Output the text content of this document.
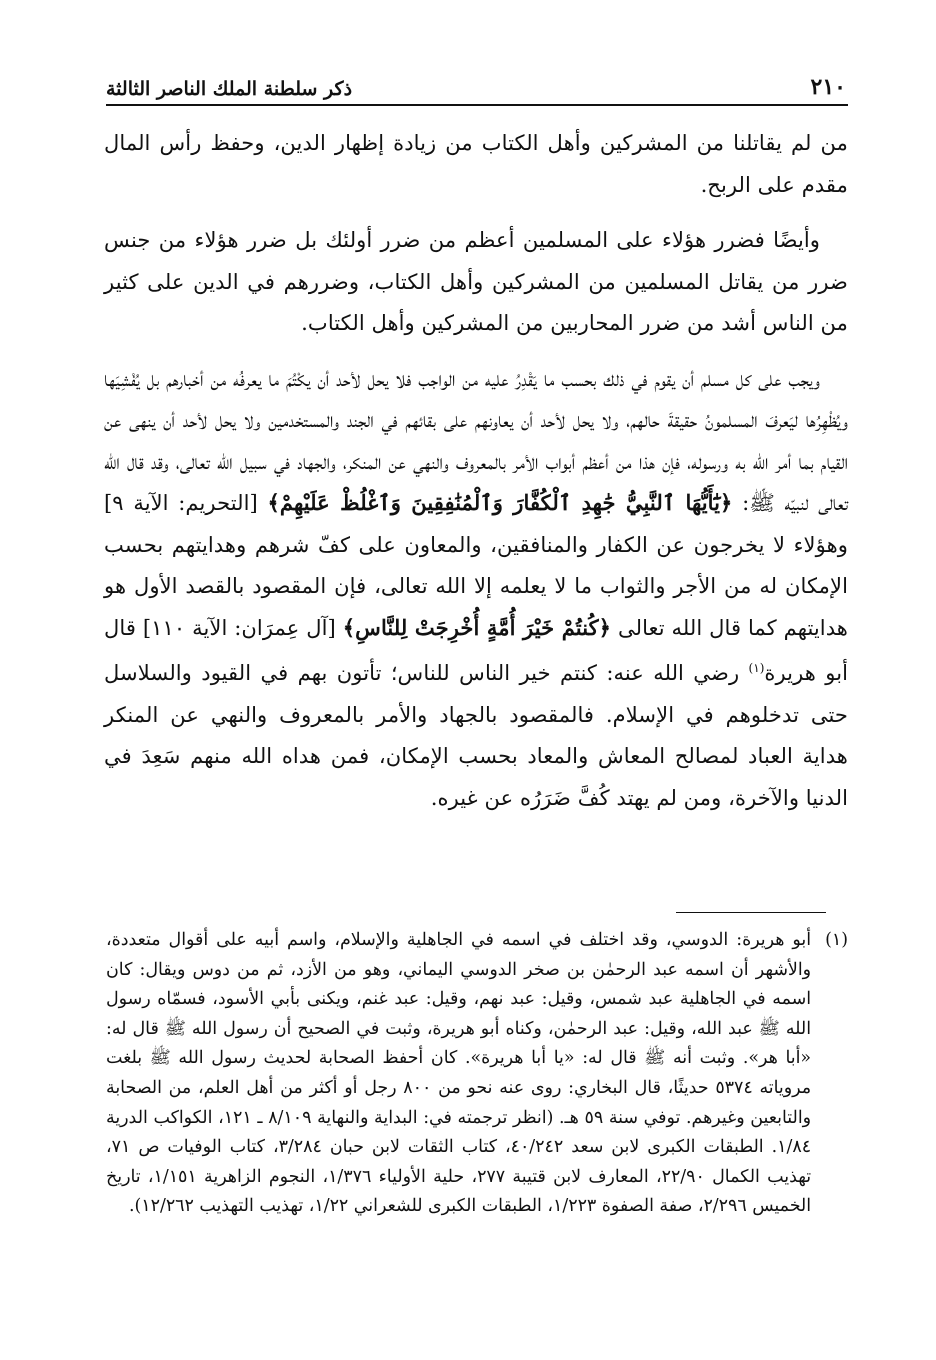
٢١٠
ذكر سلطنة الملك الناصر الثالثة

من لم يقاتلنا من المشركين وأهل الكتاب من زيادة إظهار الدين، وحفظ رأس المال مقدم على الربح.

وأيضًا فضرر هؤلاء على المسلمين أعظم من ضرر أولئك بل ضرر هؤلاء من جنس ضرر من يقاتل المسلمين من المشركين وأهل الكتاب، وضررهم في الدين على كثير من الناس أشد من ضرر المحاربين من المشركين وأهل الكتاب.

ويجب على كل مسلم أن يقوم في ذلك بحسب ما يَقْدِرُ عليه من الواجب فلا يحل لأحد أن يكْتُمَ ما يعرفُه من أخبارهم بل يُفْشِيَها ويُظْهِرُها ليَعرفَ المسلمونُ حقيقةَ حالهم، ولا يحل لأحد أن يعاونهم على بقائهم في الجند والمستخدمين ولا يحل لأحد أن ينهى عن القيام بما أمر الله به ورسوله، فإن هذا من أعظم أبواب الأمر بالمعروف والنهي عن المنكر، والجهاد في سبيل الله تعالى، وقد قال الله تعالى لنبيّه ﷺ: ﴿يَٰٓأَيُّهَا ٱلنَّبِيُّ جَٰهِدِ ٱلْكُفَّارَ وَٱلْمُنَٰفِقِينَ وَٱغْلُظْ عَلَيْهِمْ﴾ [التحريم: الآية ٩] وهؤلاء لا يخرجون عن الكفار والمنافقين، والمعاون على كفّ شرهم وهدايتهم بحسب الإمكان له من الأجر والثواب ما لا يعلمه إلا الله تعالى، فإن المقصود بالقصد الأول هو هدايتهم كما قال الله تعالى ﴿كُنتُمْ خَيْرَ أُمَّةٍ أُخْرِجَتْ لِلنَّاسِ﴾ [آل عِمرَان: الآية ١١٠] قال أبو هريرة$^{(١)}$ رضي الله عنه: كنتم خير الناس للناس؛ تأتون بهم في القيود والسلاسل حتى تدخلوهم في الإسلام. فالمقصود بالجهاد والأمر بالمعروف والنهي عن المنكر هداية العباد لمصالح المعاش والمعاد بحسب الإمكان، فمن هداه الله منهم سَعِدَ في الدنيا والآخرة، ومن لم يهتد كُفَّ ضَرَرُه عن غيره.

(١)
أبو هريرة: الدوسي، وقد اختلف في اسمه في الجاهلية والإسلام، واسم أبيه على أقوال متعددة، والأشهر أن اسمه عبد الرحمٰن بن صخر الدوسي اليماني، وهو من الأزد، ثم من دوس ويقال: كان اسمه في الجاهلية عبد شمس، وقيل: عبد نهم، وقيل: عبد غنم، ويكنى بأبي الأسود، فسمّاه رسول الله ﷺ عبد الله، وقيل: عبد الرحمٰن، وكناه أبو هريرة، وثبت في الصحيح أن رسول الله ﷺ قال له: «أبا هر». وثبت أنه ﷺ قال له: «يا أبا هريرة». كان أحفظ الصحابة لحديث رسول الله ﷺ بلغت مروياته ٥٣٧٤ حديثًا، قال البخاري: روى عنه نحو من ٨٠٠ رجل أو أكثر من أهل العلم، من الصحابة والتابعين وغيرهم. توفي سنة ٥٩ هـ. (انظر ترجمته في: البداية والنهاية ٨/١٠٩ ـ ١٢١، الكواكب الدرية ١/٨٤. الطبقات الكبرى لابن سعد ٤٠/٢٤٢، كتاب الثقات لابن حبان ٣/٢٨٤، كتاب الوفيات ص ٧١، تهذيب الكمال ٢٢/٩٠، المعارف لابن قتيبة ٢٧٧، حلية الأولياء ١/٣٧٦، النجوم الزاهرية ١/١٥١، تاريخ الخميس ٢/٢٩٦، صفة الصفوة ١/٢٢٣، الطبقات الكبرى للشعراني ١/٢٢، تهذيب التهذيب ١٢/٢٦٢).
